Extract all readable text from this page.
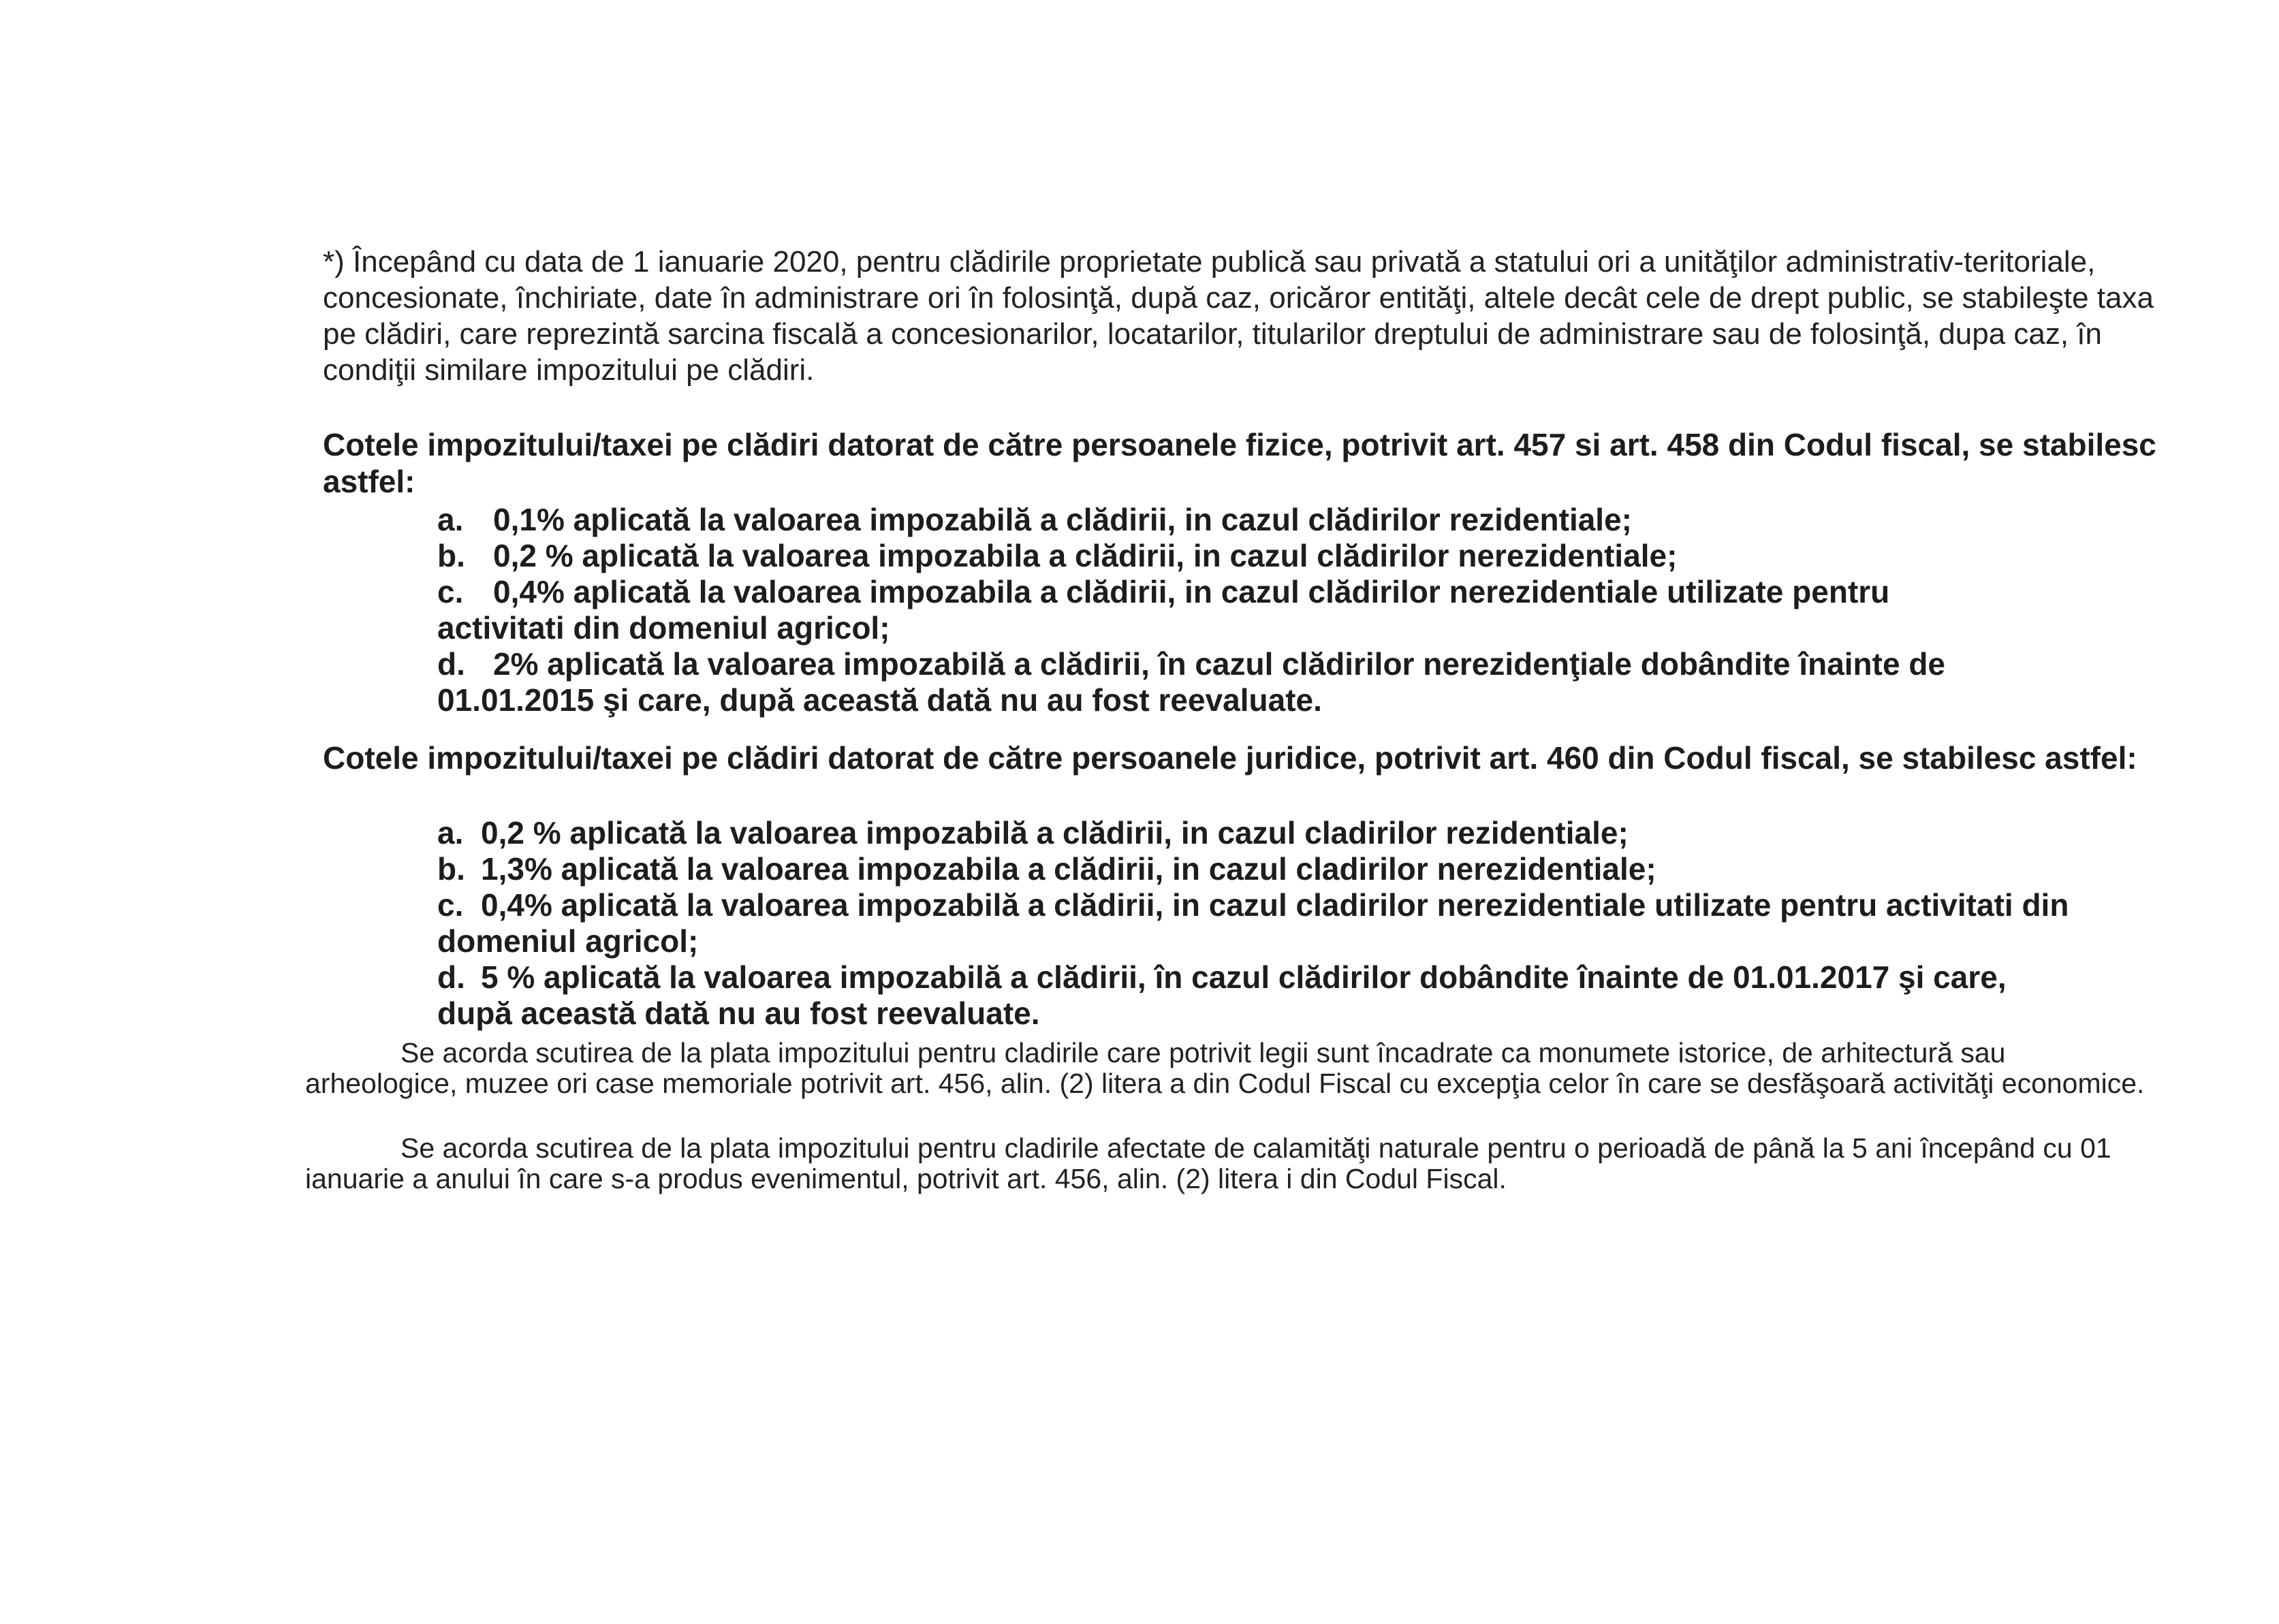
*) Începând cu data de 1 ianuarie 2020, pentru clădirile proprietate publică sau privată a statului ori a unităţilor administrativ-teritoriale, concesionate, închiriate, date în administrare ori în folosinţă, după caz, oricăror entităţi, altele decât cele de drept public, se stabileşte taxa pe clădiri, care reprezintă sarcina fiscală a concesionarilor, locatarilor, titularilor dreptului de administrare sau de folosinţă, dupa caz, în condiţii similare impozitului pe clădiri.
Cotele impozitului/taxei pe clădiri datorat de către persoanele fizice, potrivit art. 457 si art. 458 din Codul fiscal, se stabilesc astfel:
a. 0,1% aplicată la valoarea impozabilă a clădirii, in cazul clădirilor rezidentiale;
b. 0,2 % aplicată la valoarea impozabila a clădirii, in cazul clădirilor nerezidentiale;
c. 0,4% aplicată la valoarea impozabila a clădirii, in cazul clădirilor nerezidentiale utilizate pentru activitati din domeniul agricol;
d. 2% aplicată la valoarea impozabilă a clădirii, în cazul clădirilor nerezidenţiale dobândite înainte de 01.01.2015 şi care, după această dată nu au fost reevaluate.
Cotele impozitului/taxei pe clădiri datorat de către persoanele juridice, potrivit art. 460 din Codul fiscal, se stabilesc astfel:
a. 0,2 % aplicată la valoarea impozabilă a clădirii, in cazul cladirilor rezidentiale;
b. 1,3% aplicată la valoarea impozabila a clădirii, in cazul cladirilor nerezidentiale;
c. 0,4% aplicată la valoarea impozabilă a clădirii, in cazul cladirilor nerezidentiale utilizate pentru activitati din domeniul agricol;
d. 5 % aplicată la valoarea impozabilă a clădirii, în cazul clădirilor dobândite înainte de 01.01.2017 şi care, după această dată nu au fost reevaluate.
Se acorda scutirea de la plata impozitului pentru cladirile care potrivit legii sunt încadrate ca monumete istorice, de arhitectură sau arheologice, muzee ori case memoriale potrivit art. 456, alin. (2) litera a din Codul Fiscal cu excepţia celor în care se desfăşoară activităţi economice.
Se acorda scutirea de la plata impozitului pentru cladirile afectate de calamităţi naturale pentru o perioadă de până la 5 ani începând cu 01 ianuarie a anului în care s-a produs evenimentul, potrivit art. 456, alin. (2) litera i din Codul Fiscal.
